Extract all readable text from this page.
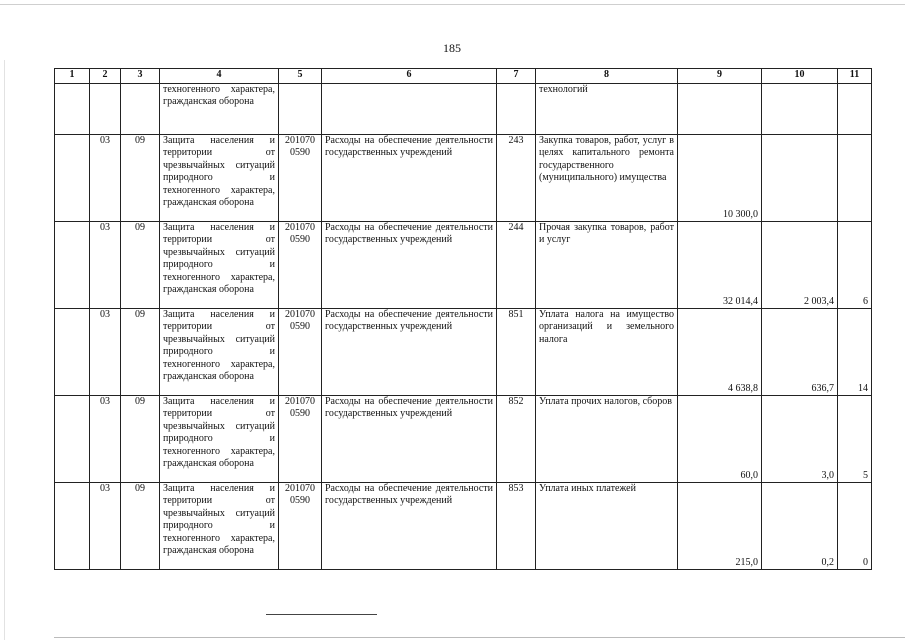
185
1	2	3	4	5	6	7	8	9	10	11
			техногенного характера, гражданская оборона				технологий			
	03	09	Защита населения и территории от чрезвычайных ситуаций природного и техногенного характера, гражданская оборона	201070 0590	Расходы на обеспечение деятельности государственных учреждений	243	Закупка товаров, работ, услуг в целях капитального ремонта государственного (муниципального) имущества	10 300,0		
	03	09	Защита населения и территории от чрезвычайных ситуаций природного и техногенного характера, гражданская оборона	201070 0590	Расходы на обеспечение деятельности государственных учреждений	244	Прочая закупка товаров, работ и услуг	32 014,4	2 003,4	6
	03	09	Защита населения и территории от чрезвычайных ситуаций природного и техногенного характера, гражданская оборона	201070 0590	Расходы на обеспечение деятельности государственных учреждений	851	Уплата налога на имущество организаций и земельного налога	4 638,8	636,7	14
	03	09	Защита населения и территории от чрезвычайных ситуаций природного и техногенного характера, гражданская оборона	201070 0590	Расходы на обеспечение деятельности государственных учреждений	852	Уплата прочих налогов, сборов	60,0	3,0	5
	03	09	Защита населения и территории от чрезвычайных ситуаций природного и техногенного характера, гражданская оборона	201070 0590	Расходы на обеспечение деятельности государственных учреждений	853	Уплата иных платежей	215,0	0,2	0
